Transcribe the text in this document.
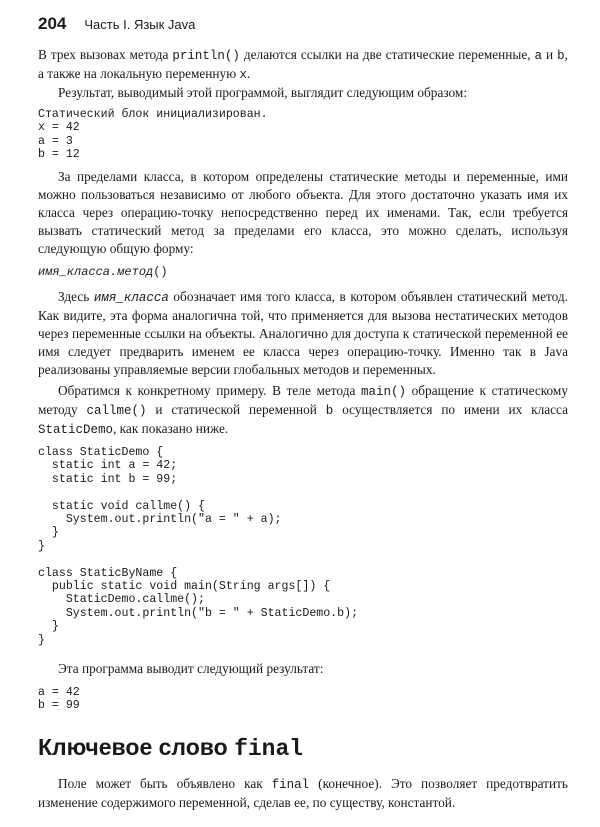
204 Часть I. Язык Java

В трех вызовах метода println() делаются ссылки на две статические переменные, a и b, а также на локальную переменную x.

Результат, выводимый этой программой, выглядит следующим образом:

Статический блок инициализирован.
x = 42
a = 3
b = 12

За пределами класса, в котором определены статические методы и переменные, ими можно пользоваться независимо от любого объекта. Для этого достаточно указать имя их класса через операцию-точку непосредственно перед их именами. Так, если требуется вызвать статический метод за пределами его класса, это можно сделать, используя следующую общую форму:

имя_класса.метод()

Здесь имя_класса обозначает имя того класса, в котором объявлен статический метод. Как видите, эта форма аналогична той, что применяется для вызова нестатических методов через переменные ссылки на объекты. Аналогично для доступа к статической переменной ее имя следует предварить именем ее класса через операцию-точку. Именно так в Java реализованы управляемые версии глобальных методов и переменных.

Обратимся к конкретному примеру. В теле метода main() обращение к статическому методу callme() и статической переменной b осуществляется по имени их класса StaticDemo, как показано ниже.

class StaticDemo {
static int a = 42;
static int b = 99;

static void callme() {
System.out.println("a = " + a);
}
}

class StaticByName {
public static void main(String args[]) {
StaticDemo.callme();
System.out.println("b = " + StaticDemo.b);
}
}

Эта программа выводит следующий результат:

a = 42
b = 99
Ключевое слово final

Поле может быть объявлено как final (конечное). Это позволяет предотвратить изменение содержимого переменной, сделав ее, по существу, константой.
